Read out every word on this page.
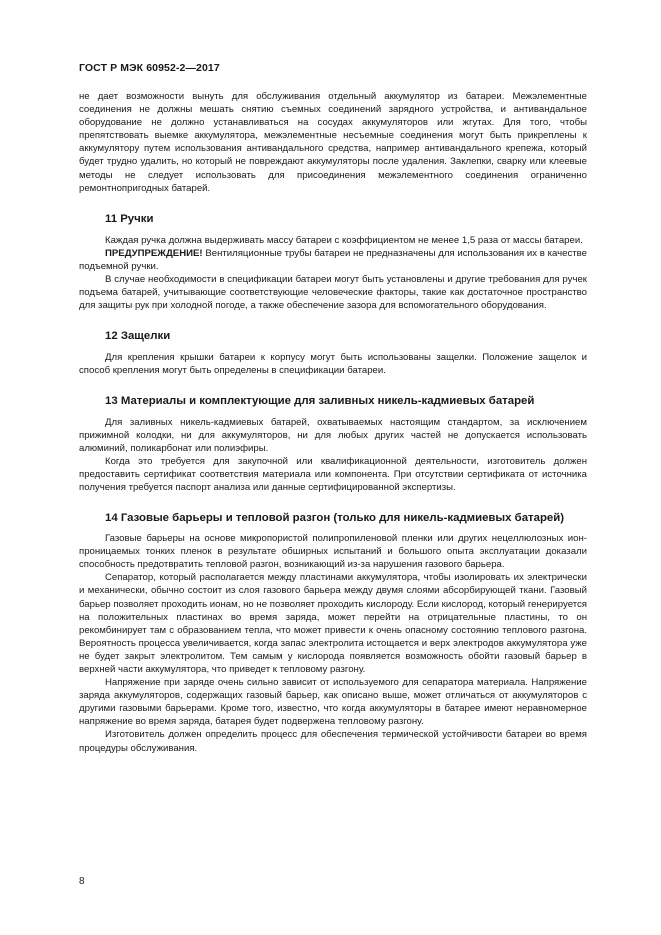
ГОСТ Р МЭК 60952-2—2017

не дает возможности вынуть для обслуживания отдельный аккумулятор из батареи. Межэлементные соединения не должны мешать снятию съемных соединений зарядного устройства, и антивандальное оборудование не должно устанавливаться на сосудах аккумуляторов или жгутах. Для того, чтобы препятствовать выемке аккумулятора, межэлементные несъемные соединения могут быть прикреплены к аккумулятору путем использования антивандального средства, например антивандального крепежа, который будет трудно удалить, но который не повреждают аккумуляторы после удаления. Заклепки, сварку или клеевые методы не следует использовать для присоединения межэлементного соединения ограниченно ремонтнопригодных батарей.

11 Ручки

Каждая ручка должна выдерживать массу батареи с коэффициентом не менее 1,5 раза от массы батареи.

ПРЕДУПРЕЖДЕНИЕ! Вентиляционные трубы батареи не предназначены для использования их в качестве подъемной ручки.

В случае необходимости в спецификации батареи могут быть установлены и другие требования для ручек подъема батарей, учитывающие соответствующие человеческие факторы, такие как достаточное пространство для защиты рук при холодной погоде, а также обеспечение зазора для вспомогательного оборудования.

12 Защелки

Для крепления крышки батареи к корпусу могут быть использованы защелки. Положение защелок и способ крепления могут быть определены в спецификации батареи.

13 Материалы и комплектующие для заливных никель-кадмиевых батарей

Для заливных никель-кадмиевых батарей, охватываемых настоящим стандартом, за исключением прижимной колодки, ни для аккумуляторов, ни для любых других частей не допускается использовать алюминий, поликарбонат или полиэфиры.

Когда это требуется для закупочной или квалификационной деятельности, изготовитель должен предоставить сертификат соответствия материала или компонента. При отсутствии сертификата от источника получения требуется паспорт анализа или данные сертифицированной экспертизы.

14 Газовые барьеры и тепловой разгон (только для никель-кадмиевых батарей)

Газовые барьеры на основе микропористой полипропиленовой пленки или других нецеллюлозных ион-проницаемых тонких пленок в результате обширных испытаний и большого опыта эксплуатации доказали способность предотвратить тепловой разгон, возникающий из-за нарушения газового барьера.

Сепаратор, который располагается между пластинами аккумулятора, чтобы изолировать их электрически и механически, обычно состоит из слоя газового барьера между двумя слоями абсорбирующей ткани. Газовый барьер позволяет проходить ионам, но не позволяет проходить кислороду. Если кислород, который генерируется на положительных пластинах во время заряда, может перейти на отрицательные пластины, то он рекомбинирует там с образованием тепла, что может привести к очень опасному состоянию теплового разгона. Вероятность процесса увеличивается, когда запас электролита истощается и верх электродов аккумулятора уже не будет закрыт электролитом. Тем самым у кислорода появляется возможность обойти газовый барьер в верхней части аккумулятора, что приведет к тепловому разгону.

Напряжение при заряде очень сильно зависит от используемого для сепаратора материала. Напряжение заряда аккумуляторов, содержащих газовый барьер, как описано выше, может отличаться от аккумуляторов с другими газовыми барьерами. Кроме того, известно, что когда аккумуляторы в батарее имеют неравномерное напряжение во время заряда, батарея будет подвержена тепловому разгону.

Изготовитель должен определить процесс для обеспечения термической устойчивости батареи во время процедуры обслуживания.

8
